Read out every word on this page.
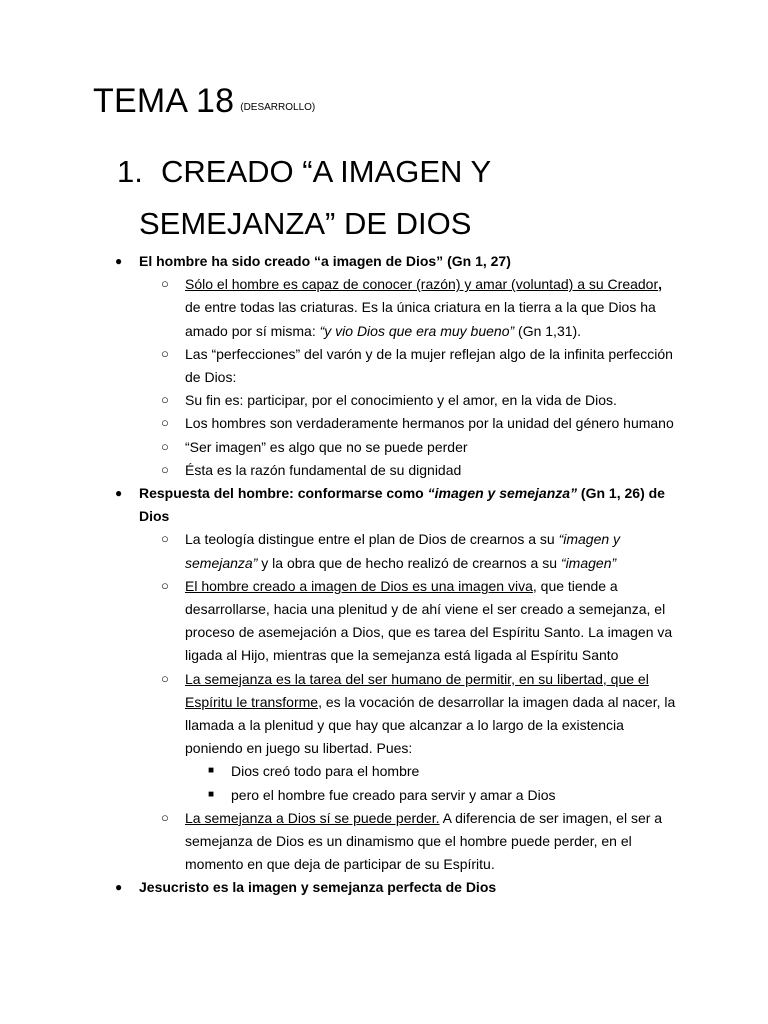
TEMA 18 $^{(DESARROLLO)}$
1. CREADO “A IMAGEN Y
SEMEJANZA” DE DIOS
● El hombre ha sido creado “a imagen de Dios” (Gn 1, 27)
○ Sólo el hombre es capaz de conocer (razón) y amar (voluntad) a su Creador, de entre todas las criaturas. Es la única criatura en la tierra a la que Dios ha amado por sí misma: “y vio Dios que era muy bueno” (Gn 1,31).
○ Las “perfecciones” del varón y de la mujer reflejan algo de la infinita perfección de Dios:
○ Su fin es: participar, por el conocimiento y el amor, en la vida de Dios.
○ Los hombres son verdaderamente hermanos por la unidad del género humano
○ “Ser imagen” es algo que no se puede perder
○ Ésta es la razón fundamental de su dignidad
● Respuesta del hombre: conformarse como “imagen y semejanza” (Gn 1, 26) de Dios
○ La teología distingue entre el plan de Dios de crearnos a su “imagen y semejanza” y la obra que de hecho realizó de crearnos a su “imagen”
○ El hombre creado a imagen de Dios es una imagen viva, que tiende a desarrollarse, hacia una plenitud y de ahí viene el ser creado a semejanza, el proceso de asemejación a Dios, que es tarea del Espíritu Santo. La imagen va ligada al Hijo, mientras que la semejanza está ligada al Espíritu Santo
○ La semejanza es la tarea del ser humano de permitir, en su libertad, que el Espíritu le transforme, es la vocación de desarrollar la imagen dada al nacer, la llamada a la plenitud y que hay que alcanzar a lo largo de la existencia poniendo en juego su libertad. Pues:
■ Dios creó todo para el hombre
■ pero el hombre fue creado para servir y amar a Dios
○ La semejanza a Dios sí se puede perder. A diferencia de ser imagen, el ser a semejanza de Dios es un dinamismo que el hombre puede perder, en el momento en que deja de participar de su Espíritu.
● Jesucristo es la imagen y semejanza perfecta de Dios
